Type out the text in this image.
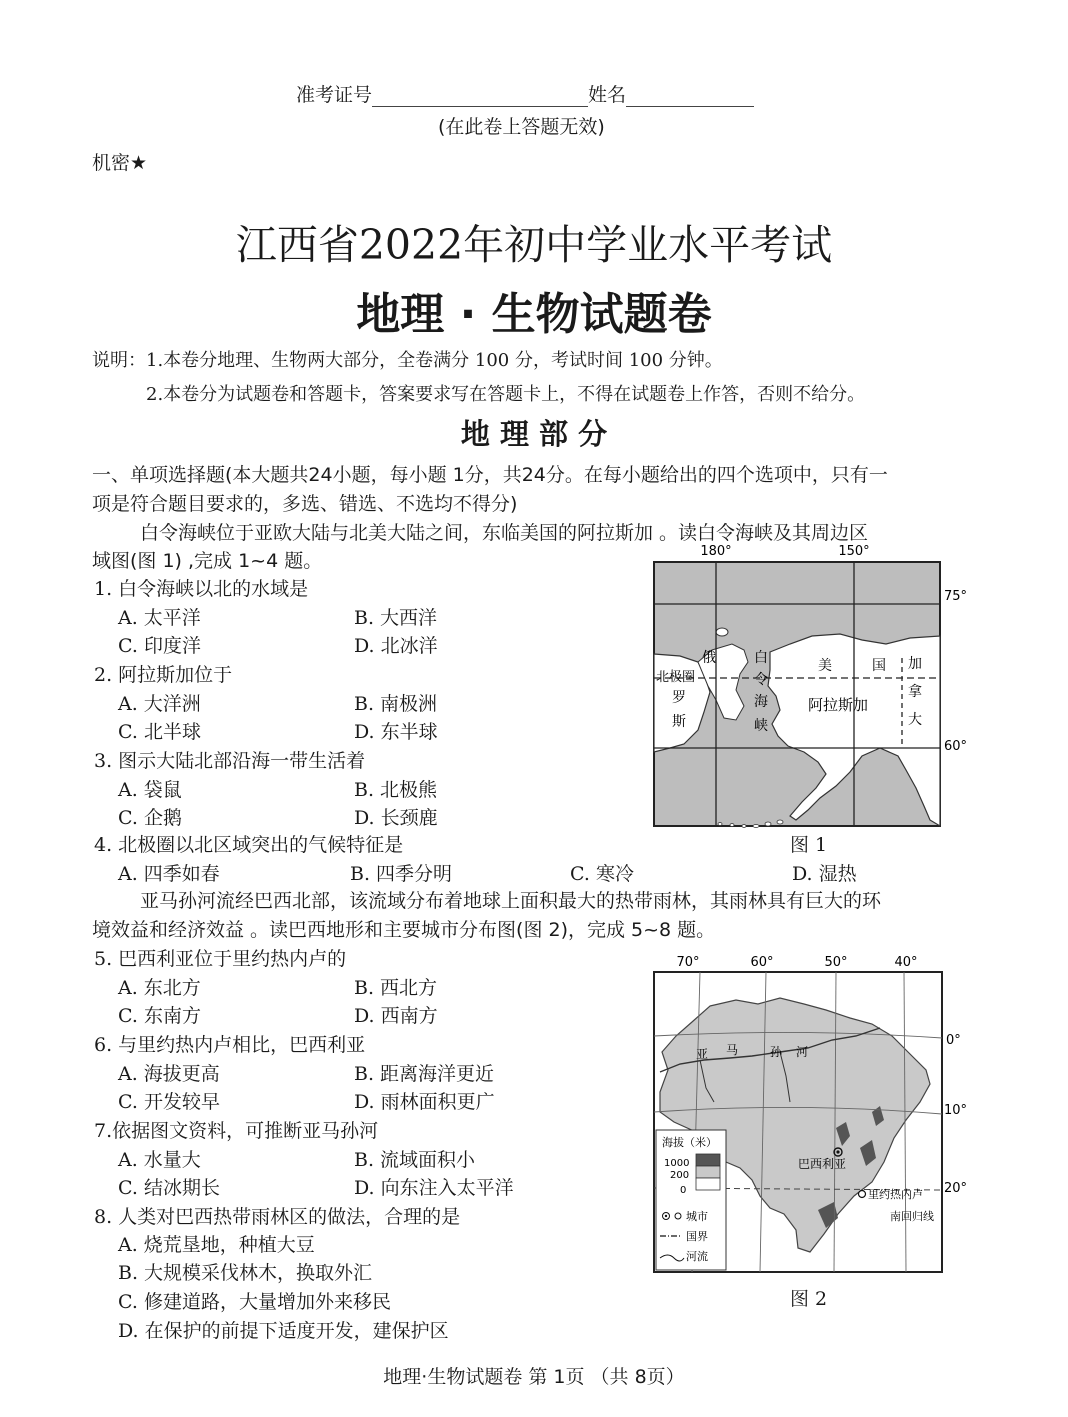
准考证号	姓名
(在此卷上答题无效)
机密★
江西省2022年初中学业水平考试
地理 · 生物试题卷
说明：1.本卷分地理、生物两大部分，全卷满分 100 分，考试时间 100 分钟。
2.本卷分为试题卷和答题卡，答案要求写在答题卡上，不得在试题卷上作答，否则不给分。
地 理 部 分
一、单项选择题(本大题共24小题，每小题 1分，共24分。在每小题给出的四个选项中，只有一
项是符合题目要求的，多选、错选、不选均不得分)
白令海峡位于亚欧大陆与北美大陆之间，东临美国的阿拉斯加 。读白令海峡及其周边区
域图(图 1) ,完成 1~4 题。
1. 白令海峡以北的水域是
A. 太平洋	B. 大西洋
C. 印度洋	D. 北冰洋
2. 阿拉斯加位于
A. 大洋洲	B. 南极洲
C. 北半球	D. 东半球
3. 图示大陆北部沿海一带生活着
A. 袋鼠	B. 北极熊
C. 企鹅	D. 长颈鹿
4. 北极圈以北区域突出的气候特征是
A. 四季如春	B. 四季分明	C. 寒冷	D. 湿热
180°	150°
75°
60°
北极圈
俄
罗
斯
白
令
海
峡
美	国
阿拉斯加
加
拿
大
图 1
亚马孙河流经巴西北部，该流域分布着地球上面积最大的热带雨林，其雨林具有巨大的环
境效益和经济效益 。读巴西地形和主要城市分布图(图 2)，完成 5~8 题。
5. 巴西利亚位于里约热内卢的
A. 东北方	B. 西北方
C. 东南方	D. 西南方
6. 与里约热内卢相比，巴西利亚
A. 海拔更高	B. 距离海洋更近
C. 开发较早	D. 雨林面积更广
7.依据图文资料，可推断亚马孙河
A. 水量大	B. 流域面积小
C. 结冰期长	D. 向东注入太平洋
8. 人类对巴西热带雨林区的做法，合理的是
A. 烧荒垦地，种植大豆
B. 大规模采伐林木，换取外汇
C. 修建道路，大量增加外来移民
D. 在保护的前提下适度开发，建保护区
70°	60°	50°	40°
0°
10°
20°
亚 马	孙 河
巴西利亚
里约热内卢
南回归线
海拔（米）
1000
200
0
城市
国界
河流
图 2
地理·生物试题卷 第 1页 （共 8页）
